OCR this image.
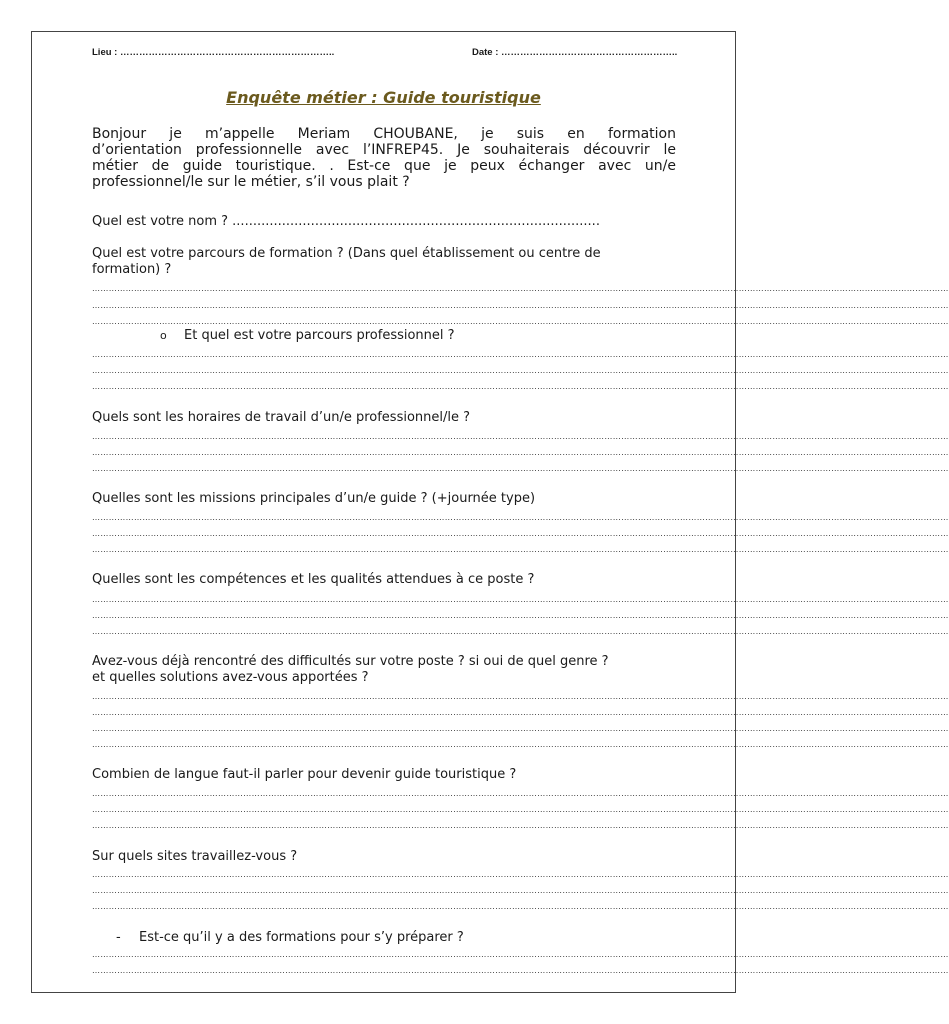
Lieu : …………………………………………………………..	Date : ………………………………………………..
Enquête métier : Guide touristique
Bonjour je m’appelle Meriam CHOUBANE, je suis en formation
d’orientation professionnelle avec l’INFREP45. Je souhaiterais découvrir le
métier de guide touristique. . Est-ce que je peux échanger avec un/e
professionnel/le sur le métier, s’il vous plait ?
Quel est votre nom ? .........................................................................................
Quel est votre parcours de formation ? (Dans quel établissement ou centre de
formation) ?
………………………………………………………………………………………………………………………………………………………………………………………………………………………………………………………………………………
………………………………………………………………………………………………………………………………………………………………………………………………………………………………………………………………………………
………………………………………………………………………………………………………………………………………………………………………………………………………………………………………………………………………………
o Et quel est votre parcours professionnel ?
………………………………………………………………………………………………………………………………………………………………………………………………………………………………………………………………………………
………………………………………………………………………………………………………………………………………………………………………………………………………………………………………………………………………………
………………………………………………………………………………………………………………………………………………………………………………………………………………………………………………………………………………
Quels sont les horaires de travail d’un/e professionnel/le ?
………………………………………………………………………………………………………………………………………………………………………………………………………………………………………………………………………………
………………………………………………………………………………………………………………………………………………………………………………………………………………………………………………………………………………
………………………………………………………………………………………………………………………………………………………………………………………………………………………………………………………………………………
Quelles sont les missions principales d’un/e guide ? (+journée type)
………………………………………………………………………………………………………………………………………………………………………………………………………………………………………………………………………………
………………………………………………………………………………………………………………………………………………………………………………………………………………………………………………………………………………
………………………………………………………………………………………………………………………………………………………………………………………………………………………………………………………………………………
Quelles sont les compétences et les qualités attendues à ce poste ?
………………………………………………………………………………………………………………………………………………………………………………………………………………………………………………………………………………
………………………………………………………………………………………………………………………………………………………………………………………………………………………………………………………………………………
………………………………………………………………………………………………………………………………………………………………………………………………………………………………………………………………………………
Avez-vous déjà rencontré des difficultés sur votre poste ? si oui de quel genre ?
et quelles solutions avez-vous apportées ?
………………………………………………………………………………………………………………………………………………………………………………………………………………………………………………………………………………
………………………………………………………………………………………………………………………………………………………………………………………………………………………………………………………………………………
………………………………………………………………………………………………………………………………………………………………………………………………………………………………………………………………………………
………………………………………………………………………………………………………………………………………………………………………………………………………………………………………………………………………………
Combien de langue faut-il parler pour devenir guide touristique ?
………………………………………………………………………………………………………………………………………………………………………………………………………………………………………………………………………………
………………………………………………………………………………………………………………………………………………………………………………………………………………………………………………………………………………
………………………………………………………………………………………………………………………………………………………………………………………………………………………………………………………………………………
Sur quels sites travaillez-vous ?
………………………………………………………………………………………………………………………………………………………………………………………………………………………………………………………………………………
………………………………………………………………………………………………………………………………………………………………………………………………………………………………………………………………………………
………………………………………………………………………………………………………………………………………………………………………………………………………………………………………………………………………………
- Est-ce qu’il y a des formations pour s’y préparer ?
………………………………………………………………………………………………………………………………………………………………………………………………………………………………………………………………………………
………………………………………………………………………………………………………………………………………………………………………………………………………………………………………………………………………………
